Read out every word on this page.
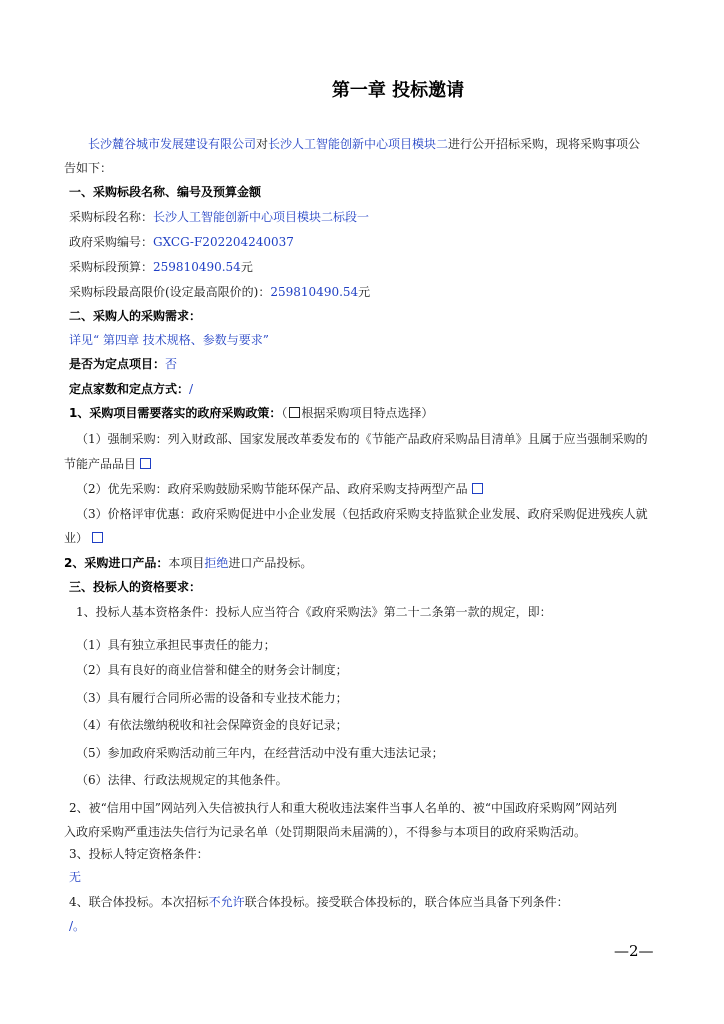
第一章 投标邀请
长沙麓谷城市发展建设有限公司对长沙人工智能创新中心项目模块二进行公开招标采购，现将采购事项公
告如下：
一、采购标段名称、编号及预算金额
采购标段名称：长沙人工智能创新中心项目模块二标段一
政府采购编号：GXCG-F202204240037
采购标段预算：259810490.54元
采购标段最高限价(设定最高限价的)：259810490.54元
二、采购人的采购需求：
详见“ 第四章 技术规格、参数与要求”
是否为定点项目：否
定点家数和定点方式：/
1、采购项目需要落实的政府采购政策：（ 根据采购项目特点选择）
（1）强制采购：列入财政部、国家发展改革委发布的《节能产品政府采购品目清单》且属于应当强制采购的
节能产品品目
（2）优先采购：政府采购鼓励采购节能环保产品、政府采购支持两型产品
（3）价格评审优惠：政府采购促进中小企业发展（包括政府采购支持监狱企业发展、政府采购促进残疾人就
业）
2、采购进口产品：本项目拒绝进口产品投标。
三、投标人的资格要求：
1、投标人基本资格条件：投标人应当符合《政府采购法》第二十二条第一款的规定，即：
（1）具有独立承担民事责任的能力；
（2）具有良好的商业信誉和健全的财务会计制度；
（3）具有履行合同所必需的设备和专业技术能力；
（4）有依法缴纳税收和社会保障资金的良好记录；
（5）参加政府采购活动前三年内，在经营活动中没有重大违法记录；
（6）法律、行政法规规定的其他条件。
2、被“信用中国”网站列入失信被执行人和重大税收违法案件当事人名单的、被“中国政府采购网”网站列
入政府采购严重违法失信行为记录名单（处罚期限尚未届满的），不得参与本项目的政府采购活动。
3、投标人特定资格条件：
无
4、联合体投标。本次招标不允许联合体投标。接受联合体投标的，联合体应当具备下列条件：
/。
—2—
